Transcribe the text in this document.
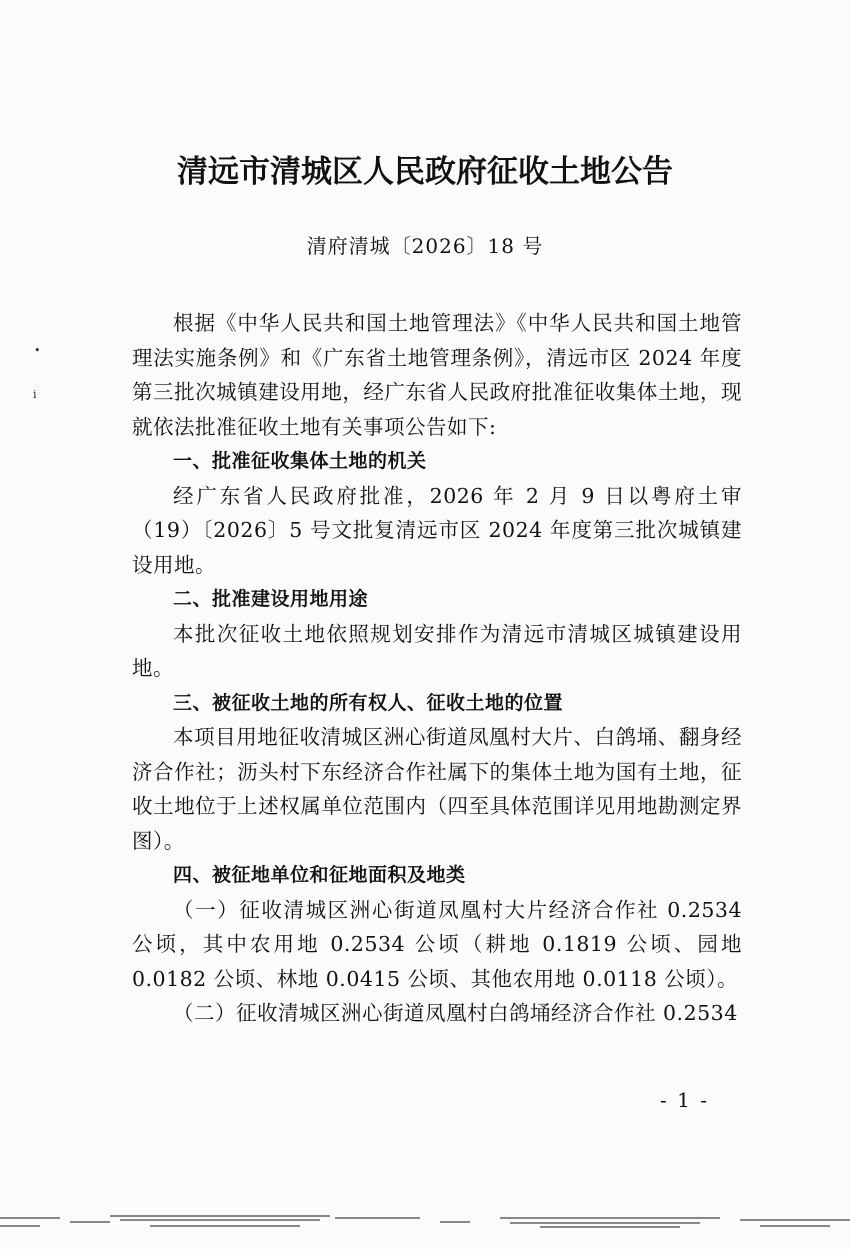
•
ⅰ
清远市清城区人民政府征收土地公告
清府清城〔2026〕18 号

根据《中华人民共和国土地管理法》《中华人民共和国土地管理法实施条例》和《广东省土地管理条例》，清远市区 2024 年度第三批次城镇建设用地，经广东省人民政府批准征收集体土地，现就依法批准征收土地有关事项公告如下:

一、批准征收集体土地的机关

经广东省人民政府批准，2026 年 2 月 9 日以粤府土审（19）〔2026〕5 号文批复清远市区 2024 年度第三批次城镇建设用地。

二、批准建设用地用途

本批次征收土地依照规划安排作为清远市清城区城镇建设用地。

三、被征收土地的所有权人、征收土地的位置

本项目用地征收清城区洲心街道凤凰村大片、白鸽埇、翻身经济合作社；沥头村下东经济合作社属下的集体土地为国有土地，征收土地位于上述权属单位范围内（四至具体范围详见用地勘测定界图）。

四、被征地单位和征地面积及地类

（一）征收清城区洲心街道凤凰村大片经济合作社 0.2534 公顷，其中农用地 0.2534 公顷（耕地 0.1819 公顷、园地 0.0182 公顷、林地 0.0415 公顷、其他农用地 0.0118 公顷）。

（二）征收清城区洲心街道凤凰村白鸽埇经济合作社 0.2534

- 1 -
